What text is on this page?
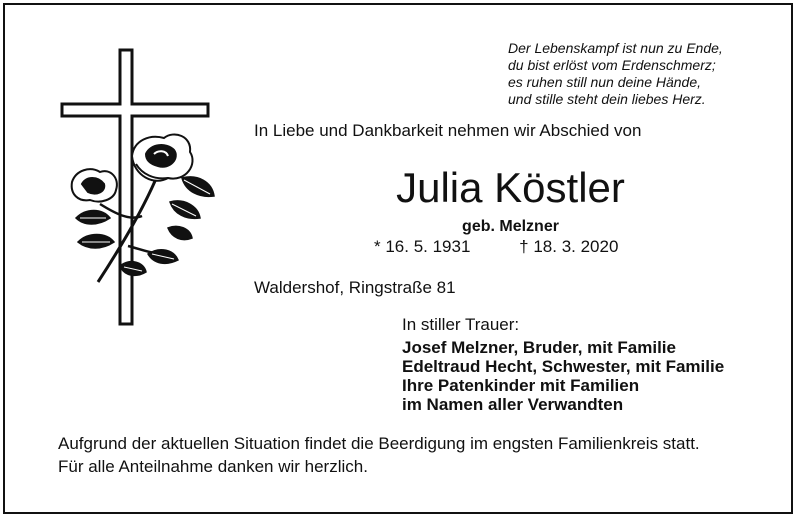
Der Lebenskampf ist nun zu Ende,
du bist erlöst vom Erdenschmerz;
es ruhen still nun deine Hände,
und stille steht dein liebes Herz.
In Liebe und Dankbarkeit nehmen wir Abschied von
Julia Köstler
geb. Melzner
* 16. 5. 1931	† 18. 3. 2020
Waldershof, Ringstraße 81
In stiller Trauer:
Josef Melzner, Bruder, mit Familie
Edeltraud Hecht, Schwester, mit Familie
Ihre Patenkinder mit Familien
im Namen aller Verwandten
Aufgrund der aktuellen Situation findet die Beerdigung im engsten Familienkreis statt.
Für alle Anteilnahme danken wir herzlich.
